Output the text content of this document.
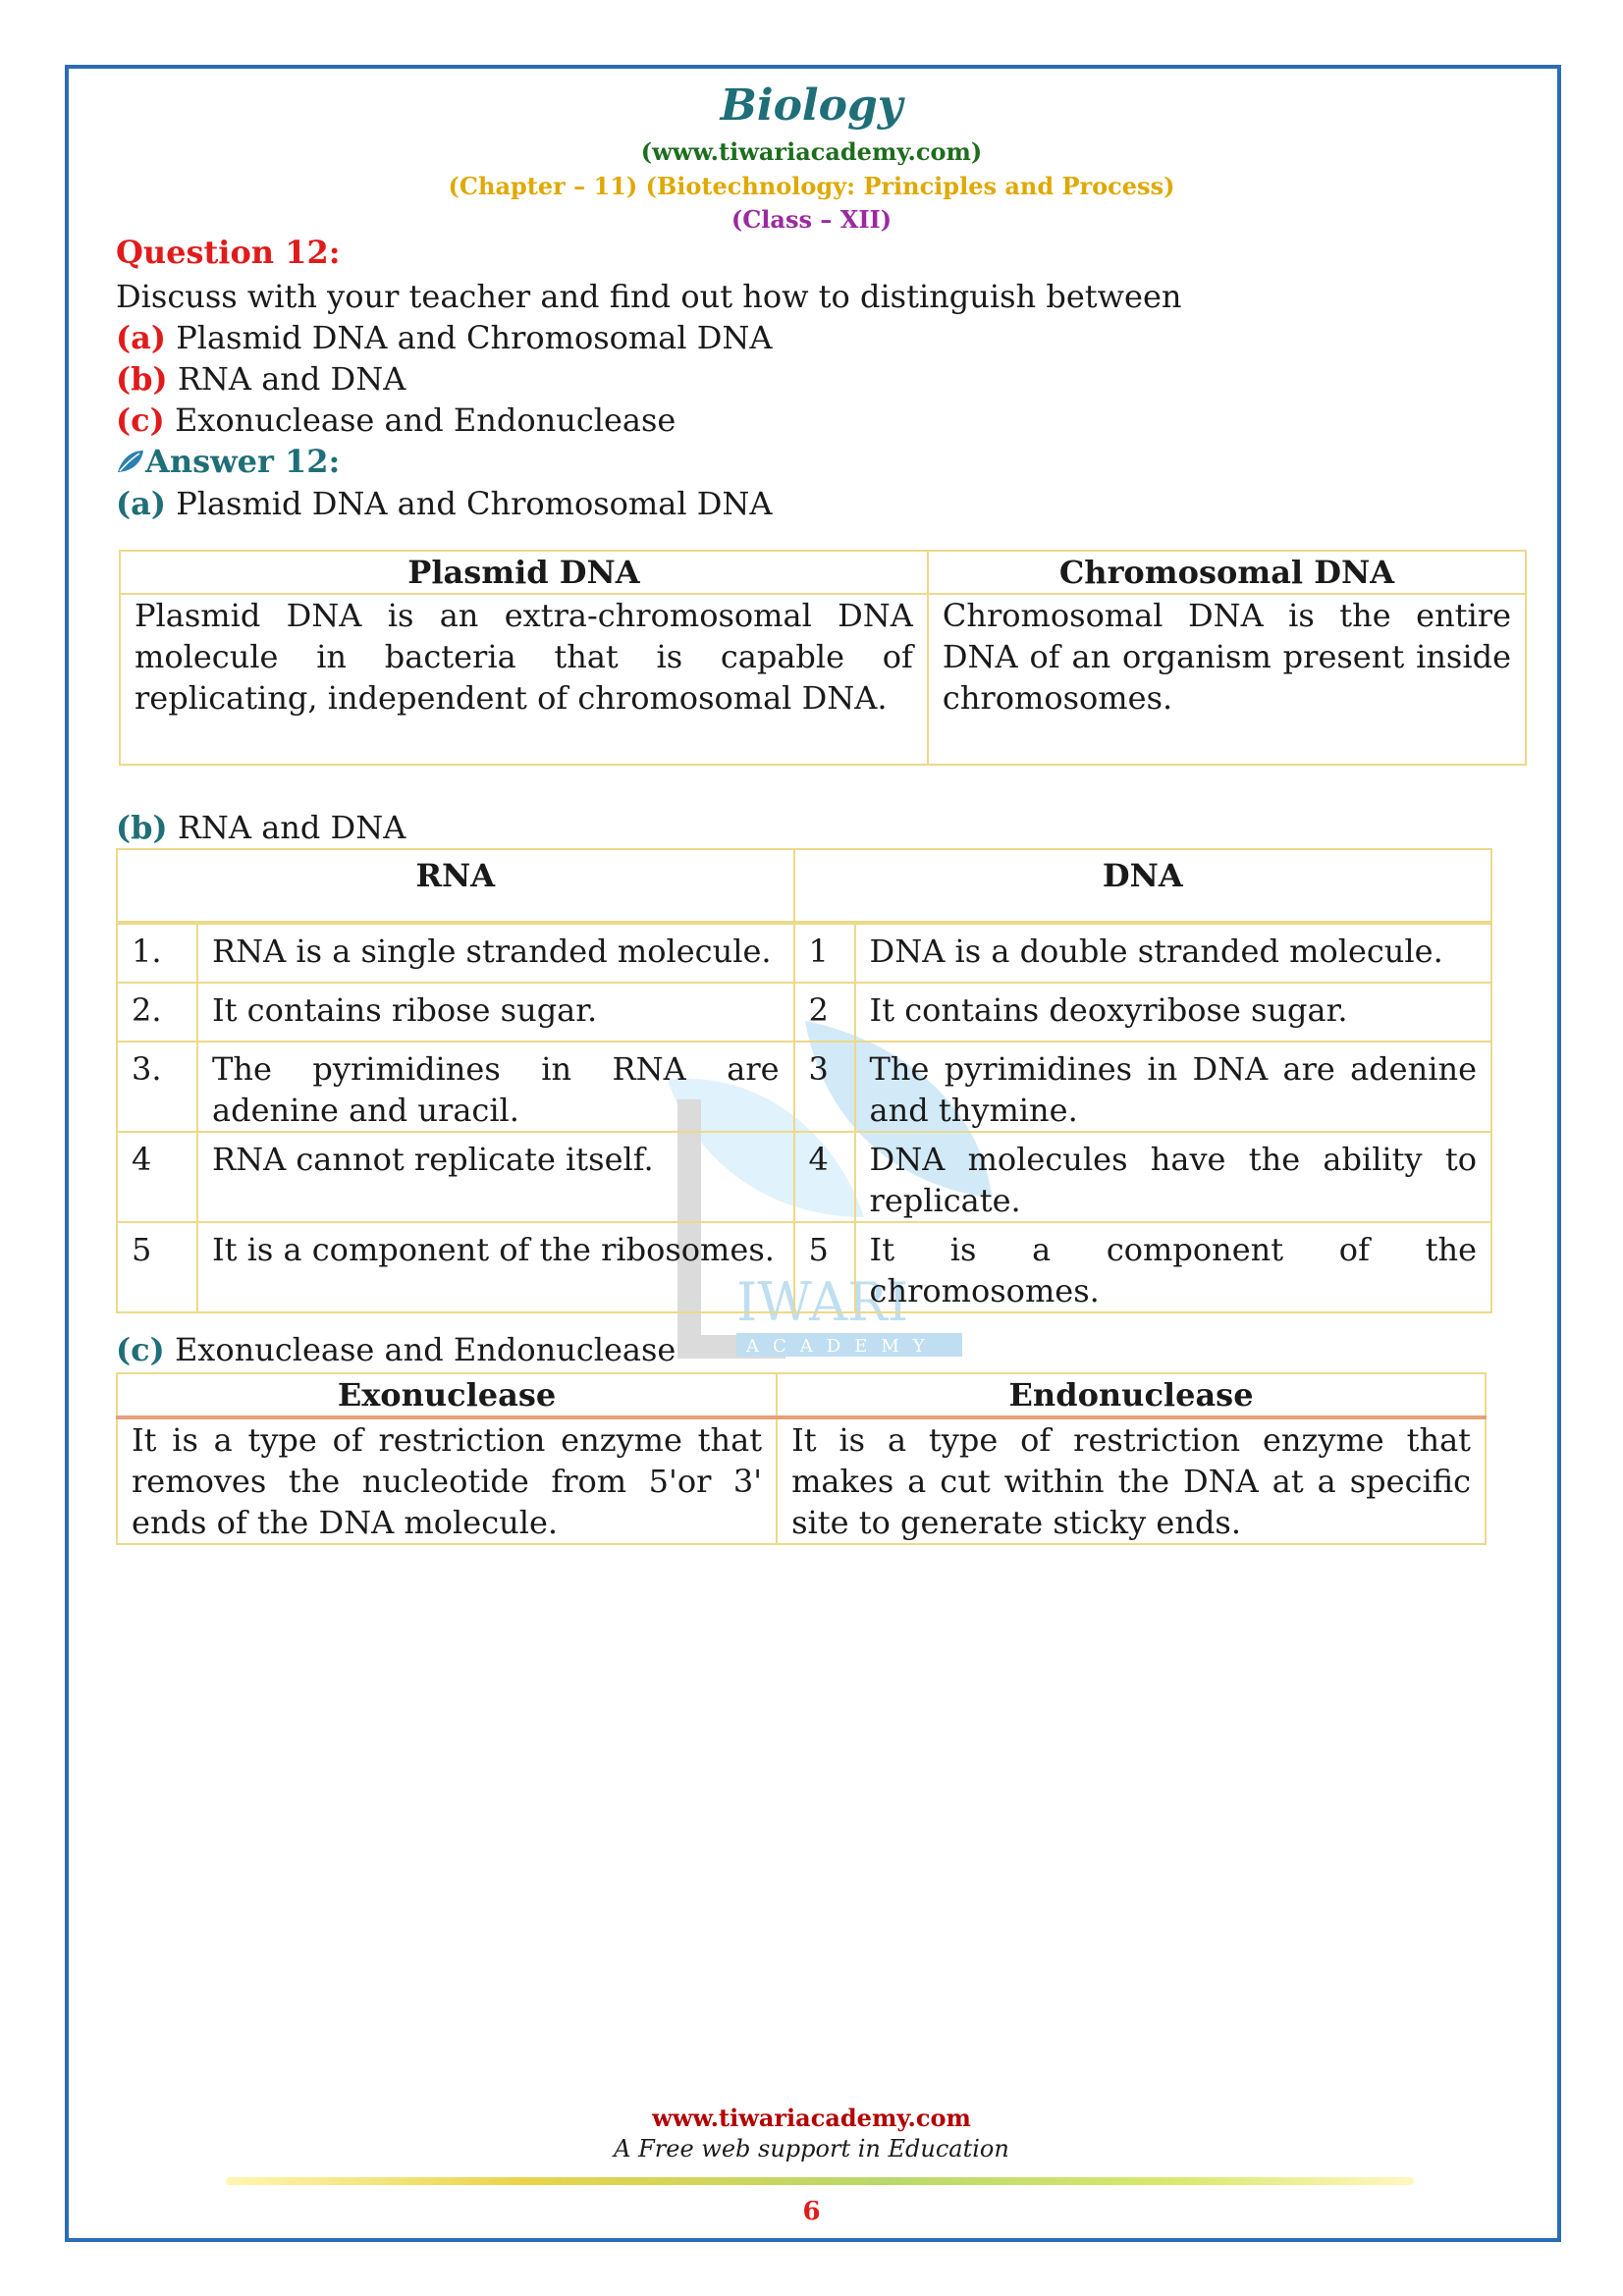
Biology
(www.tiwariacademy.com)
(Chapter – 11) (Biotechnology: Principles and Process)
(Class – XII)
Question 12:
Discuss with your teacher and find out how to distinguish between
(a) Plasmid DNA and Chromosomal DNA
(b) RNA and DNA
(c) Exonuclease and Endonuclease
Answer 12:
(a) Plasmid DNA and Chromosomal DNA
Plasmid DNA	Chromosomal DNA
Plasmid DNA is an extra-chromosomal DNA molecule in bacteria that is capable of replicating, independent of chromosomal DNA.	Chromosomal DNA is the entire DNA of an organism present inside chromosomes.
(b) RNA and DNA
IWARI
ACADEMY
RNA		DNA	
1.	RNA is a single stranded molecule.	1	DNA is a double stranded molecule.
2.	It contains ribose sugar.	2	It contains deoxyribose sugar.
3.	The pyrimidines in RNA are adenine and uracil.	3	The pyrimidines in DNA are adenine and thymine.
4	RNA cannot replicate itself.	4	DNA molecules have the ability to replicate.
5	It is a component of the ribosomes.	5	It is a component of the chromosomes.
(c) Exonuclease and Endonuclease
Exonuclease	Endonuclease
It is a type of restriction enzyme that removes the nucleotide from 5'or 3' ends of the DNA molecule.	It is a type of restriction enzyme that makes a cut within the DNA at a specific site to generate sticky ends.
www.tiwariacademy.com
A Free web support in Education
6
